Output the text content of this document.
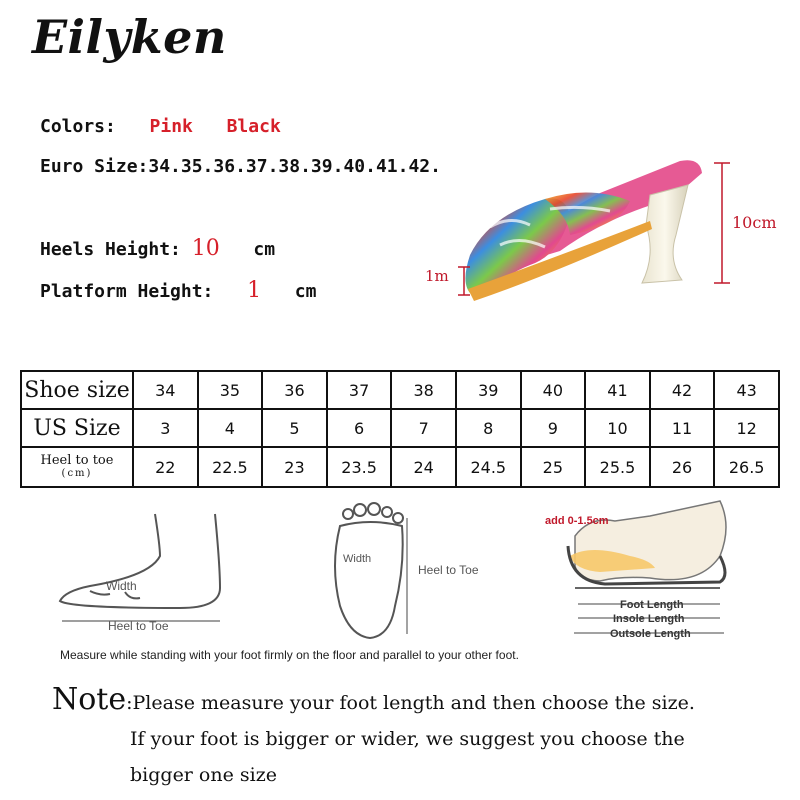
Eilyken
Colors: Pink Black
Euro Size:34.35.36.37.38.39.40.41.42.
Heels Height: 10 cm
Platform Height: 1 cm
10cm
1m
Shoe size	34	35	36	37	38	39	40	41	42	43
US Size	3	4	5	6	7	8	9	10	11	12

Heel to toe
(cm)	22	22.5	23	23.5	24	24.5	25	25.5	26	26.5
Width
Heel to Toe
Width
Heel to Toe
add 0-1.5cm
Foot Length
Insole Length
Outsole Length
Measure while standing with your foot firmly on the floor and parallel to your other foot.
Note:Please measure your foot length and then choose the size.
If your foot is bigger or wider, we suggest you choose the
bigger one size
